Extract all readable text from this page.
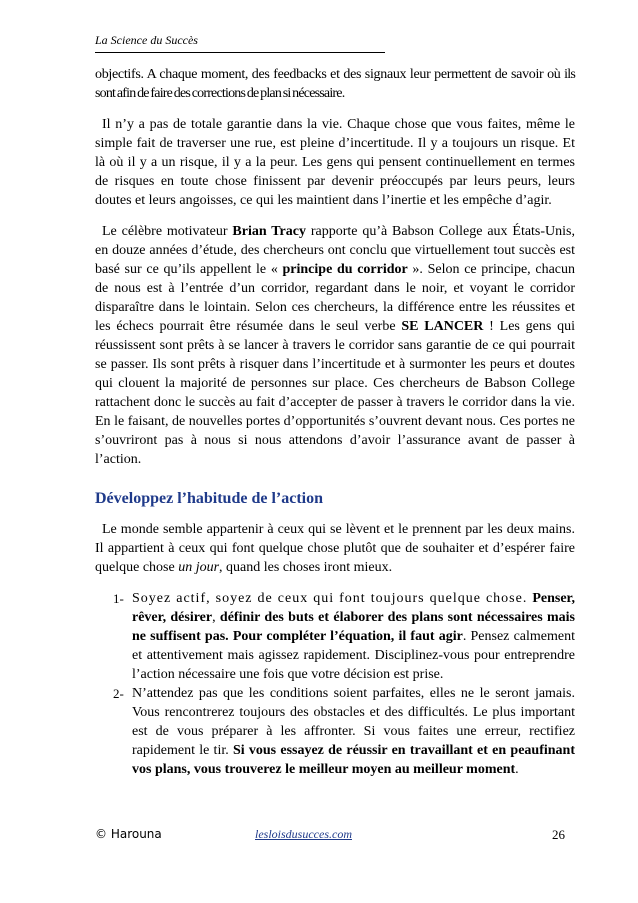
La Science du Succès

objectifs. A chaque moment, des feedbacks et des signaux leur permettent de savoir où ils sont afin de faire des corrections de plan si nécessaire.

Il n’y a pas de totale garantie dans la vie. Chaque chose que vous faites, même le simple fait de traverser une rue, est pleine d’incertitude. Il y a toujours un risque. Et là où il y a un risque, il y a la peur. Les gens qui pensent continuellement en termes de risques en toute chose finissent par devenir préoccupés par leurs peurs, leurs doutes et leurs angoisses, ce qui les maintient dans l’inertie et les empêche d’agir.

Le célèbre motivateur Brian Tracy rapporte qu’à Babson College aux États-Unis, en douze années d’étude, des chercheurs ont conclu que virtuellement tout succès est basé sur ce qu’ils appellent le « principe du corridor ». Selon ce principe, chacun de nous est à l’entrée d’un corridor, regardant dans le noir, et voyant le corridor disparaître dans le lointain. Selon ces chercheurs, la différence entre les réussites et les échecs pourrait être résumée dans le seul verbe SE LANCER ! Les gens qui réussissent sont prêts à se lancer à travers le corridor sans garantie de ce qui pourrait se passer. Ils sont prêts à risquer dans l’incertitude et à surmonter les peurs et doutes qui clouent la majorité de personnes sur place. Ces chercheurs de Babson College rattachent donc le succès au fait d’accepter de passer à travers le corridor dans la vie. En le faisant, de nouvelles portes d’opportunités s’ouvrent devant nous. Ces portes ne s’ouvriront pas à nous si nous attendons d’avoir l’assurance avant de passer à l’action.

Développez l’habitude de l’action

Le monde semble appartenir à ceux qui se lèvent et le prennent par les deux mains. Il appartient à ceux qui font quelque chose plutôt que de souhaiter et d’espérer faire quelque chose un jour, quand les choses iront mieux.

1- Soyez actif, soyez de ceux qui font toujours quelque chose. Penser, rêver, désirer, définir des buts et élaborer des plans sont nécessaires mais ne suffisent pas. Pour compléter l’équation, il faut agir. Pensez calmement et attentivement mais agissez rapidement. Disciplinez-vous pour entreprendre l’action nécessaire une fois que votre décision est prise.
2- N’attendez pas que les conditions soient parfaites, elles ne le seront jamais. Vous rencontrerez toujours des obstacles et des difficultés. Le plus important est de vous préparer à les affronter. Si vous faites une erreur, rectifiez rapidement le tir. Si vous essayez de réussir en travaillant et en peaufinant vos plans, vous trouverez le meilleur moyen au meilleur moment.
© Harouna	lesloisdusucces.com	26
